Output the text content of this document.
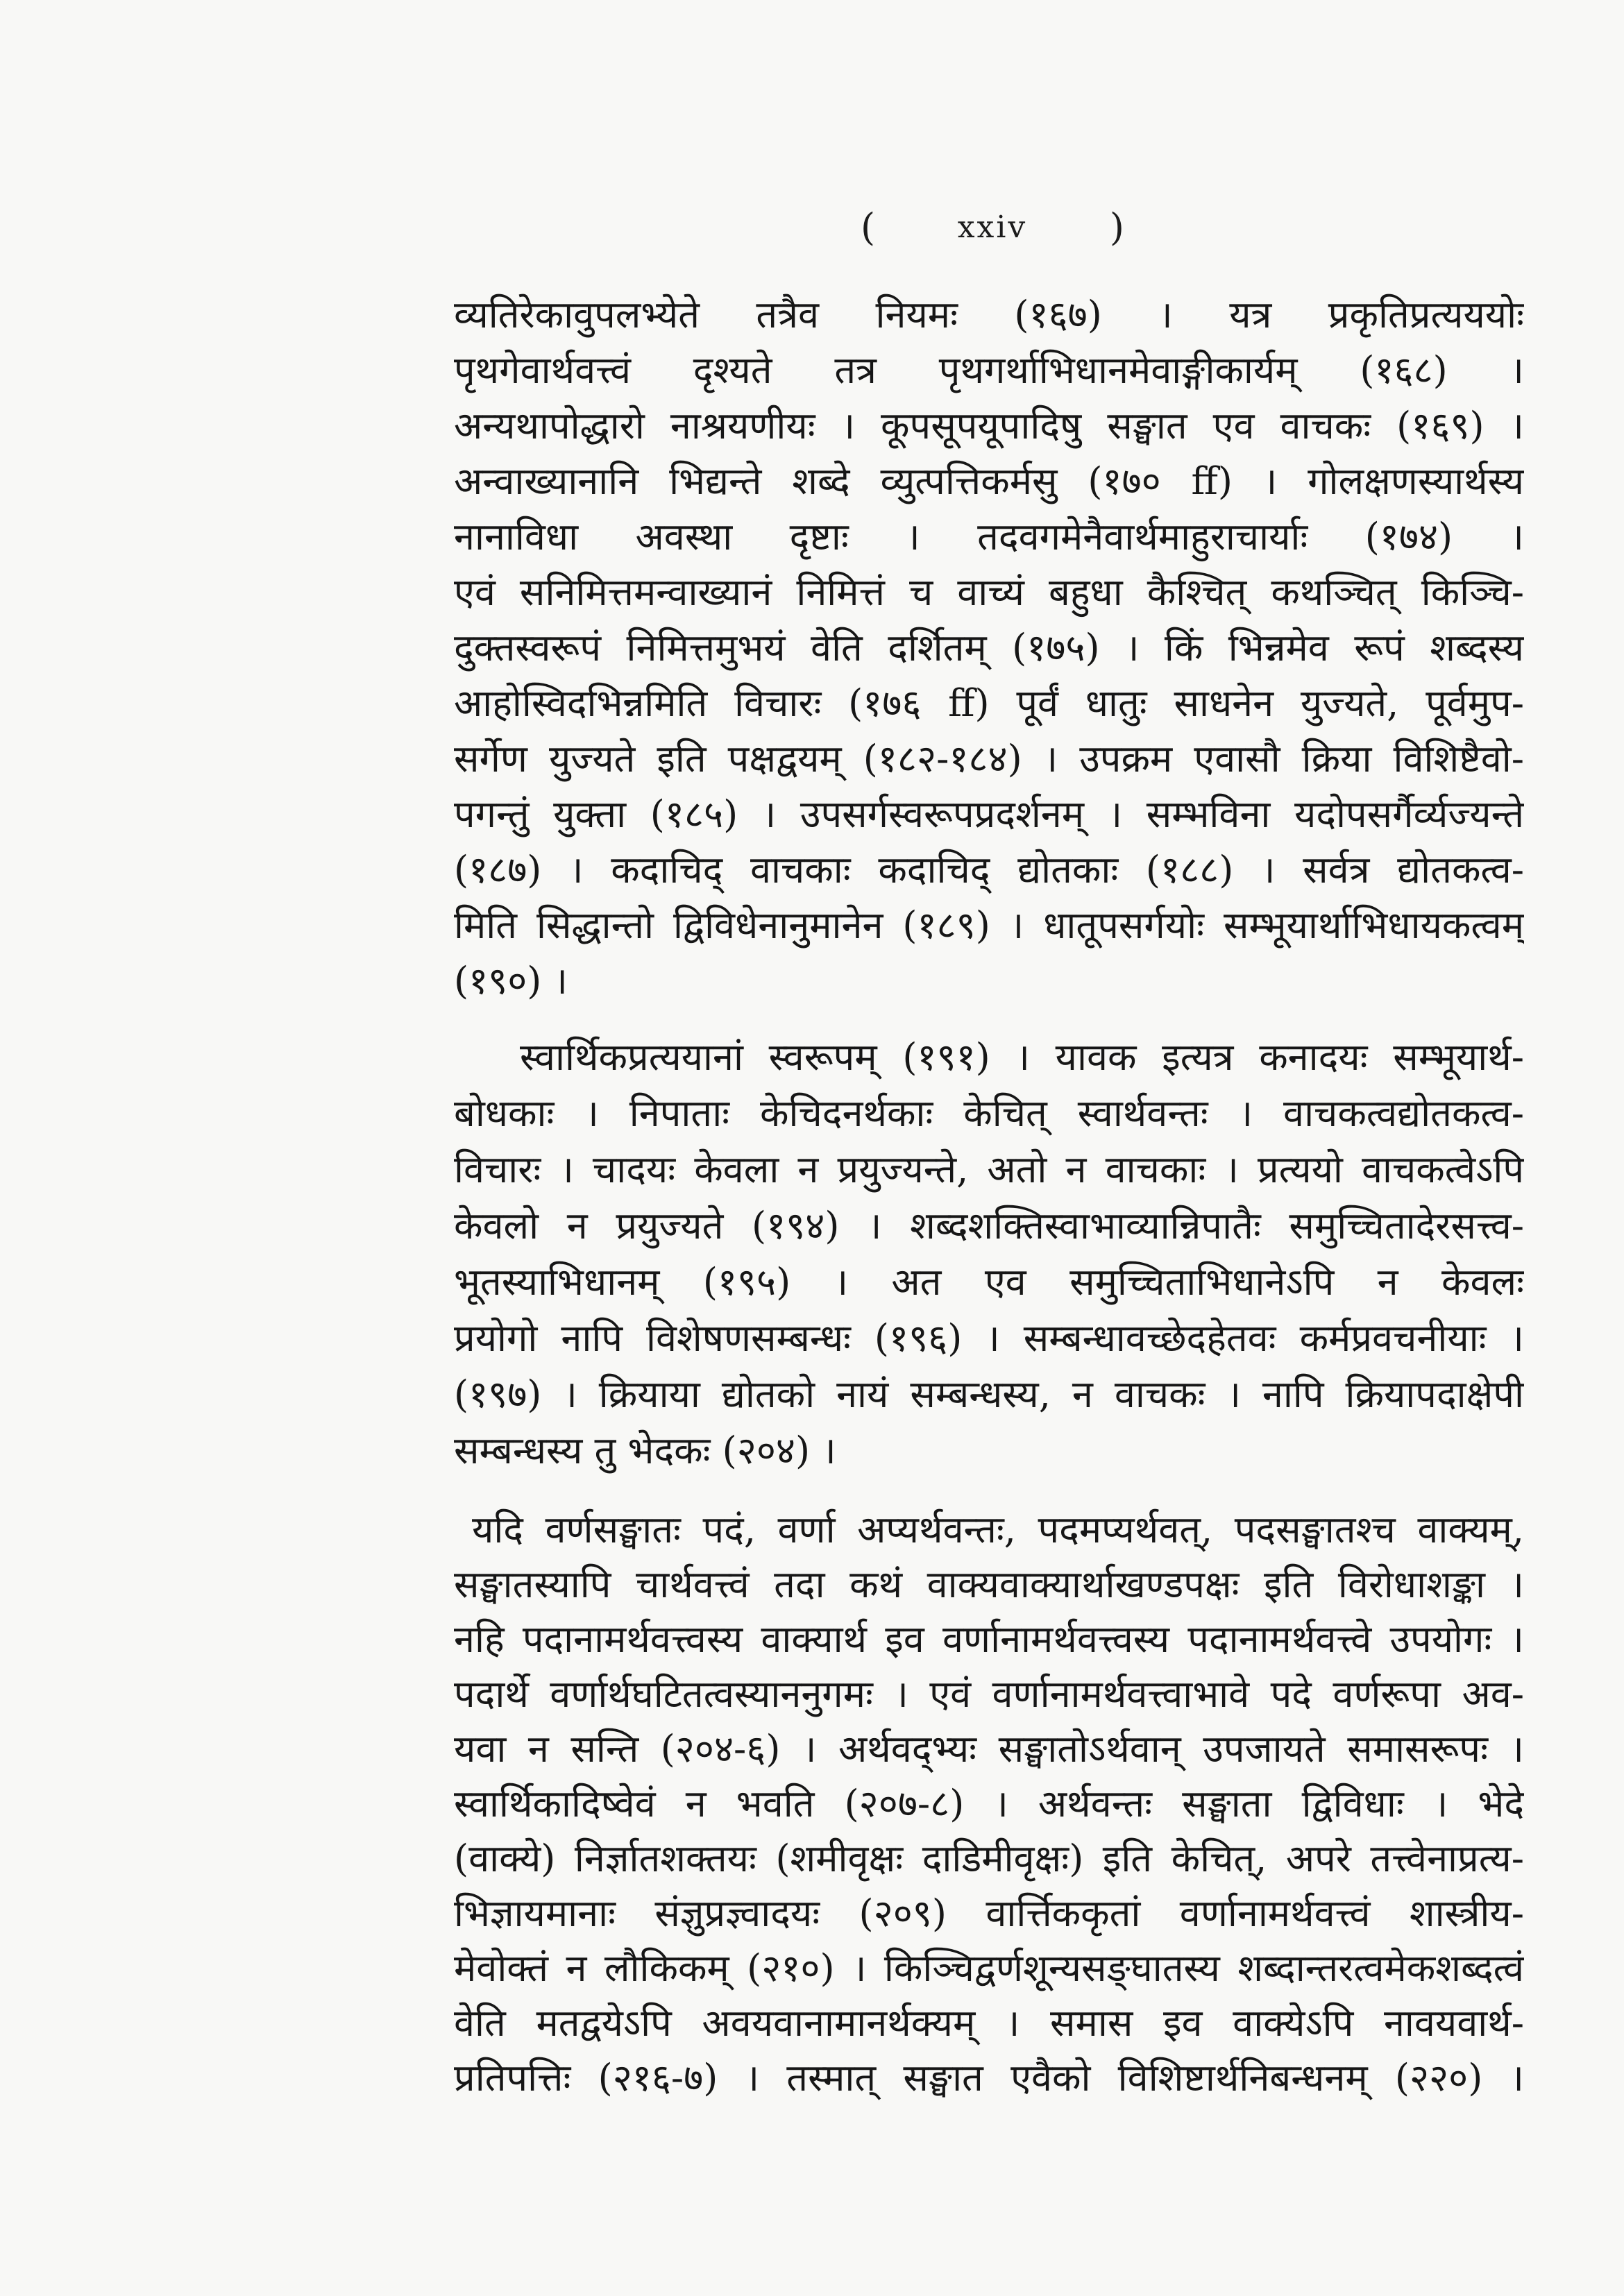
(	xxiv )
व्यतिरेकावुपलभ्येते तत्रैव नियमः (१६७) । यत्र प्रकृतिप्रत्यययोः
पृथगेवार्थवत्त्वं दृश्यते तत्र पृथगर्थाभिधानमेवाङ्गीकार्यम् (१६८) ।
अन्यथापोद्धारो नाश्रयणीयः । कूपसूपयूपादिषु सङ्घात एव वाचकः (१६९) ।
अन्वाख्यानानि भिद्यन्ते शब्दे व्युत्पत्तिकर्मसु (१७० ff) । गोलक्षणस्यार्थस्य
नानाविधा अवस्था दृष्टाः । तदवगमेनैवार्थमाहुराचार्याः (१७४) ।
एवं सनिमित्तमन्वाख्यानं निमित्तं च वाच्यं बहुधा कैश्चित् कथञ्चित् किञ्चि-
दुक्तस्वरूपं निमित्तमुभयं वेति दर्शितम् (१७५) । किं भिन्नमेव रूपं शब्दस्य
आहोस्विदभिन्नमिति विचारः (१७६ ff) पूर्वं धातुः साधनेन युज्यते, पूर्वमुप-
सर्गेण युज्यते इति पक्षद्वयम् (१८२-१८४) । उपक्रम एवासौ क्रिया विशिष्टैवो-
पगन्तुं युक्ता (१८५) । उपसर्गस्वरूपप्रदर्शनम् । सम्भविना यदोपसर्गैर्व्यज्यन्ते
(१८७) । कदाचिद् वाचकाः कदाचिद् द्योतकाः (१८८) । सर्वत्र द्योतकत्व-
मिति सिद्धान्तो द्विविधेनानुमानेन (१८९) । धातूपसर्गयोः सम्भूयार्थाभिधायकत्वम्
(१९०) ।
स्वार्थिकप्रत्ययानां स्वरूपम् (१९१) । यावक इत्यत्र कनादयः सम्भूयार्थ-
बोधकाः । निपाताः केचिदनर्थकाः केचित् स्वार्थवन्तः । वाचकत्वद्योतकत्व-
विचारः । चादयः केवला न प्रयुज्यन्ते, अतो न वाचकाः । प्रत्ययो वाचकत्वेऽपि
केवलो न प्रयुज्यते (१९४) । शब्दशक्तिस्वाभाव्यान्निपातैः समुच्चितादेरसत्त्व-
भूतस्याभिधानम् (१९५) । अत एव समुच्चिताभिधानेऽपि न केवलः
प्रयोगो नापि विशेषणसम्बन्धः (१९६) । सम्बन्धावच्छेदहेतवः कर्मप्रवचनीयाः ।
(१९७) । क्रियाया द्योतको नायं सम्बन्धस्य, न वाचकः । नापि क्रियापदाक्षेपी
सम्बन्धस्य तु भेदकः (२०४) ।
यदि वर्णसङ्घातः पदं, वर्णा अप्यर्थवन्तः, पदमप्यर्थवत्, पदसङ्घातश्च वाक्यम्,
सङ्घातस्यापि चार्थवत्त्वं तदा कथं वाक्यवाक्यार्थाखण्डपक्षः इति विरोधाशङ्का ।
नहि पदानामर्थवत्त्वस्य वाक्यार्थ इव वर्णानामर्थवत्त्वस्य पदानामर्थवत्त्वे उपयोगः ।
पदार्थे वर्णार्थघटितत्वस्याननुगमः । एवं वर्णानामर्थवत्त्वाभावे पदे वर्णरूपा अव-
यवा न सन्ति (२०४-६) । अर्थवद्भ्यः सङ्घातोऽर्थवान् उपजायते समासरूपः ।
स्वार्थिकादिष्वेवं न भवति (२०७-८) । अर्थवन्तः सङ्घाता द्विविधाः । भेदे
(वाक्ये) निर्ज्ञातशक्तयः (शमीवृक्षः दाडिमीवृक्षः) इति केचित्, अपरे तत्त्वेनाप्रत्य-
भिज्ञायमानाः संज्ञुप्रज्ञ्वादयः (२०९) वार्त्तिककृतां वर्णानामर्थवत्त्वं शास्त्रीय-
मेवोक्तं न लौकिकम् (२१०) । किञ्चिद्वर्णशून्यसङ्‌घातस्य शब्दान्तरत्वमेकशब्दत्वं
वेति मतद्वयेऽपि अवयवानामानर्थक्यम् । समास इव वाक्येऽपि नावयवार्थ-
प्रतिपत्तिः (२१६-७) । तस्मात् सङ्घात एवैको विशिष्टार्थनिबन्धनम् (२२०) ।
